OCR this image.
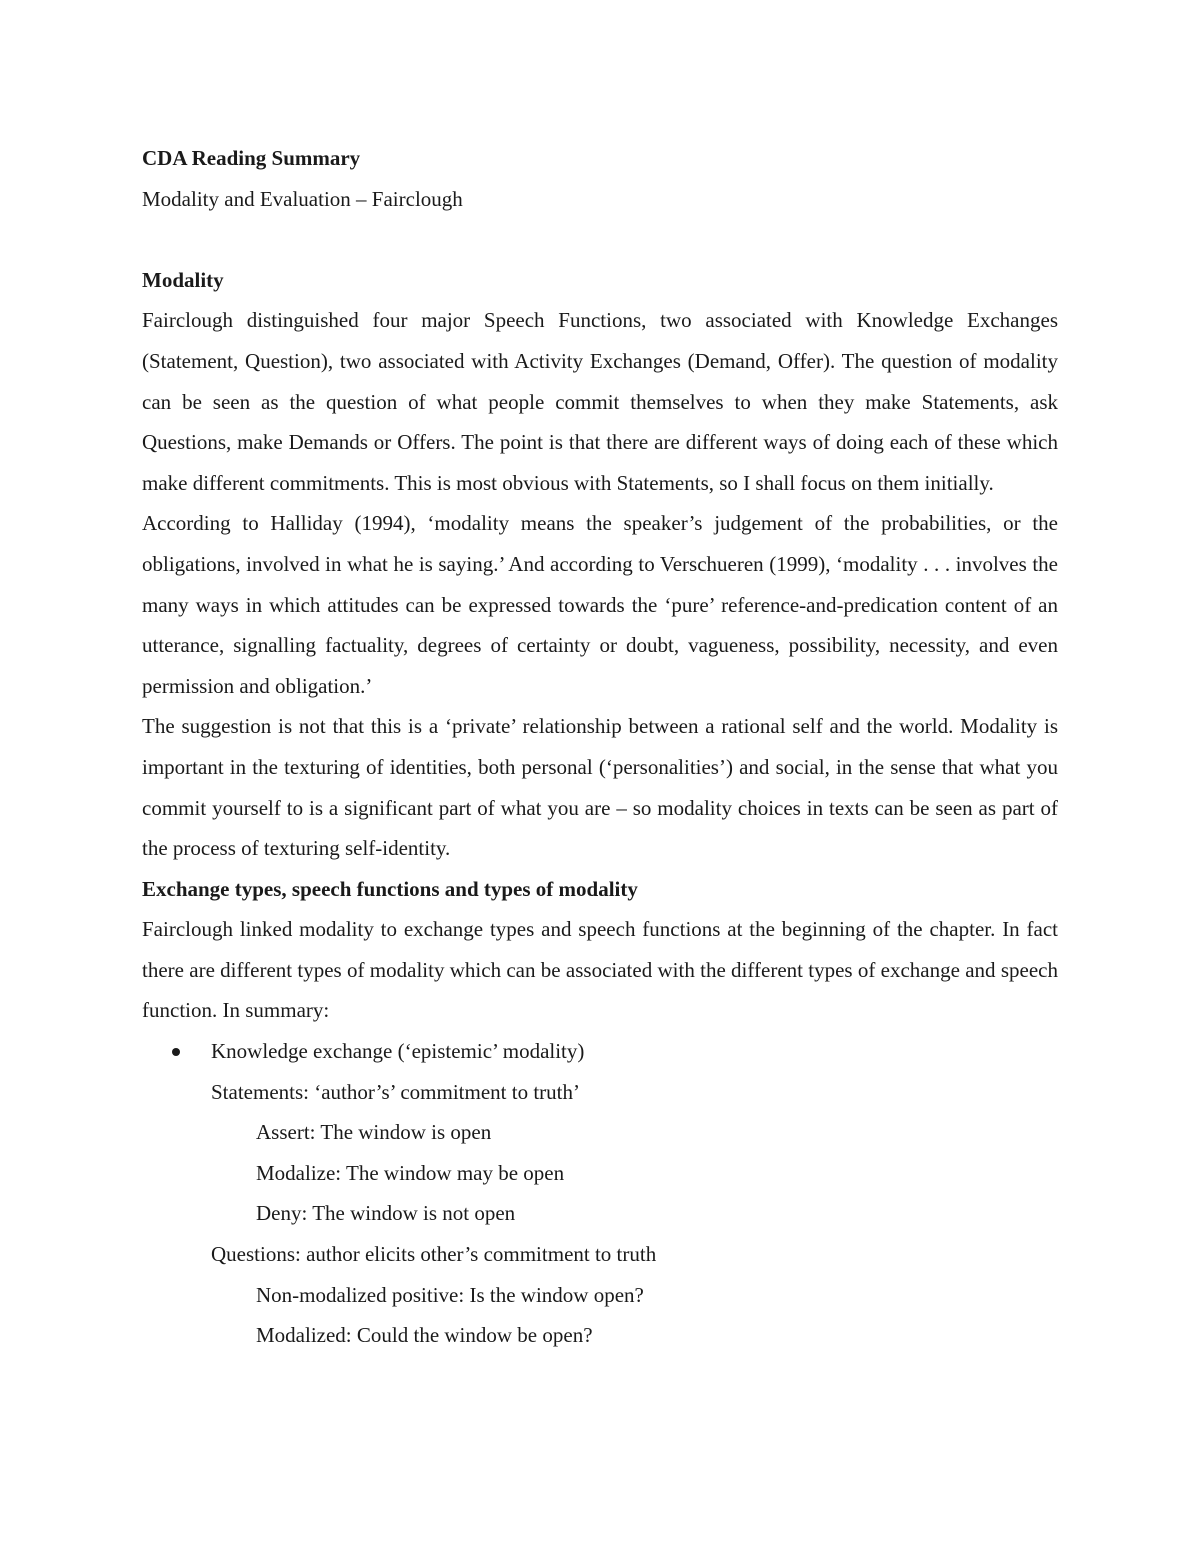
CDA Reading Summary

Modality and Evaluation – Fairclough

Modality

Fairclough distinguished four major Speech Functions, two associated with Knowledge Exchanges (Statement, Question), two associated with Activity Exchanges (Demand, Offer). The question of modality can be seen as the question of what people commit themselves to when they make Statements, ask Questions, make Demands or Offers. The point is that there are different ways of doing each of these which make different commitments. This is most obvious with Statements, so I shall focus on them initially.

According to Halliday (1994), ‘modality means the speaker’s judgement of the probabilities, or the obligations, involved in what he is saying.’ And according to Verschueren (1999), ‘modality . . . involves the many ways in which attitudes can be expressed towards the ‘pure’ reference-and-predication content of an utterance, signalling factuality, degrees of certainty or doubt, vagueness, possibility, necessity, and even permission and obligation.’

The suggestion is not that this is a ‘private’ relationship between a rational self and the world. Modality is important in the texturing of identities, both personal (‘personalities’) and social, in the sense that what you commit yourself to is a significant part of what you are – so modality choices in texts can be seen as part of the process of texturing self-identity.

Exchange types, speech functions and types of modality

Fairclough linked modality to exchange types and speech functions at the beginning of the chapter. In fact there are different types of modality which can be associated with the different types of exchange and speech function. In summary:

Knowledge exchange (‘epistemic’ modality)

Statements: ‘author’s’ commitment to truth’

Assert: The window is open

Modalize: The window may be open

Deny: The window is not open

Questions: author elicits other’s commitment to truth

Non-modalized positive: Is the window open?

Modalized: Could the window be open?
